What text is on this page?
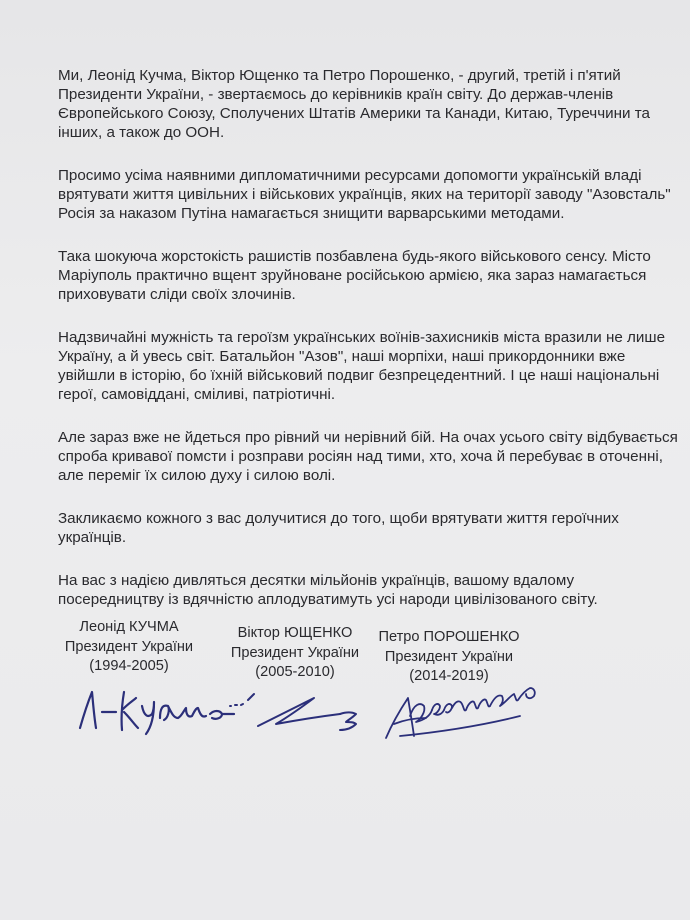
Ми, Леонід Кучма, Віктор Ющенко та Петро Порошенко, - другий, третій і п'ятий
Президенти України, - звертаємось до керівників країн світу. До держав-членів
Європейського Союзу, Сполучених Штатів Америки та Канади, Китаю, Туреччини та
інших, а також до ООН.

Просимо усіма наявними дипломатичними ресурсами допомогти українській владі
врятувати життя цивільних і військових українців, яких на території заводу "Азовсталь"
Росія за наказом Путіна намагається знищити варварськими методами.

Така шокуюча жорстокість рашистів позбавлена будь-якого військового сенсу. Місто
Маріуполь практично вщент зруйноване російською армією, яка зараз намагається
приховувати сліди своїх злочинів.

Надзвичайні мужність та героїзм українських воїнів-захисників міста вразили не лише
Україну, а й увесь світ. Батальйон "Азов", наші морпіхи, наші прикордонники вже
увійшли в історію, бо їхній військовий подвиг безпрецедентний. І це наші національні
герої, самовіддані, сміливі, патріотичні.

Але зараз вже не йдеться про рівний чи нерівний бій. На очах усього світу відбувається
спроба кривавої помсти і розправи росіян над тими, хто, хоча й перебуває в оточенні,
але переміг їх силою духу і силою волі.

Закликаємо кожного з вас долучитися до того, щоби врятувати життя героїчних
українців.

На вас з надією дивляться десятки мільйонів українців, вашому вдалому
посередництву із вдячністю аплодуватимуть усі народи цивілізованого світу.

Леонід КУЧМА
Президент України
(1994-2005)
Віктор ЮЩЕНКО
Президент України
(2005-2010)
Петро ПОРОШЕНКО
Президент України
(2014-2019)
